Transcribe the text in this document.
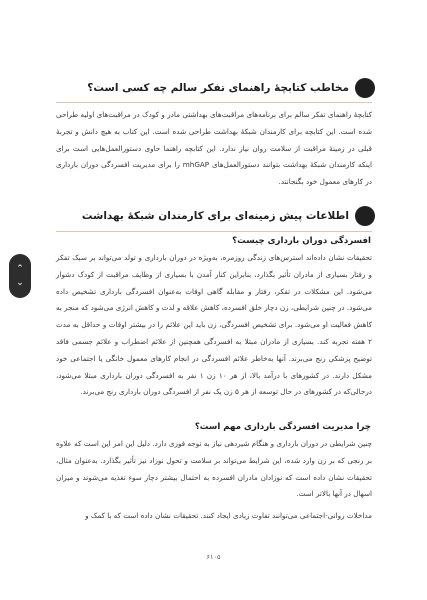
مخاطب کتابچهٔ راهنمای تفکر سالم چه کسی است؟
کتابچهٔ راهنمای تفکر سالم برای برنامه‌های مراقبت‌های بهداشتی مادر و کودک در مراقبت‌های اولیه طراحی شده است. این کتابچه برای کارمندان شبکهٔ بهداشت طراحی شده است. این کتاب به هیچ دانش و تجربهٔ قبلی در زمینهٔ مراقبت از سلامت روان نیاز ندارد. این کتابچه راهنما حاوی دستورالعمل‌هایی است برای اینکه کارمندان شبکهٔ بهداشت بتوانند دستورالعمل‌های mhGAP را برای مدیریت افسردگی دوران بارداری در کارهای معمول خود بگنجانند.
اطلاعات پیش زمینه‌ای برای کارمندان شبکهٔ بهداشت
افسردگی دوران بارداری چیست؟
تحقیقات نشان داده‌اند استرس‌های زندگی روزمره، به‌ویژه در دوران بارداری و تولد می‌تواند بر سبک تفکر و رفتار بسیاری از مادران تأثیر بگذارد، بنابراین کنار آمدن با بسیاری از وظایف مراقبت از کودک دشوار می‌شود. این مشکلات در تفکر، رفتار و مقابله گاهی اوقات به‌عنوان افسردگی بارداری تشخیص داده می‌شود. در چنین شرایطی، زن دچار خلق افسرده، کاهش علاقه و لذت و کاهش انرژی می‌شود که منجر به کاهش فعالیت او می‌شود. برای تشخیص افسردگی، زن باید این علائم را در بیشتر اوقات و حداقل به مدت ۲ هفته تجربه کند. بسیاری از مادران مبتلا به افسردگی همچنین از علائم اضطراب و علائم جسمی فاقد توضیح پزشکی رنج می‌برند. آنها به‌خاطر علائم افسردگی در انجام کارهای معمول خانگی یا اجتماعی خود مشکل دارند. در کشورهای با درآمد بالا، از هر ۱۰ زن ۱ نفر به افسردگی دوران بارداری مبتلا می‌شود، درحالی‌که در کشورهای در حال توسعه از هر ۵ زن یک نفر از افسردگی دوران بارداری رنج می‌برند.
چرا مدیریت افسردگی بارداری مهم است؟
چنین شرایطی در دوران بارداری و هنگام شیردهی نیاز به توجه فوری دارد. دلیل این امر این است که علاوه بر رنجی که بر زن وارد شده، این شرایط می‌تواند بر سلامت و تحول نوزاد نیز تأثیر بگذارد. به‌عنوان مثال، تحقیقات نشان داده است که نوزادان مادران افسرده به احتمال بیشتر دچار سوء تغذیه می‌شوند و میزان اسهال در آنها بالاتر است.
مداخلات روانی-اجتماعی می‌توانند تفاوت زیادی ایجاد کنند. تحقیقات نشان داده است که با کمک و
۶۱۰۵
⌃
⌄
